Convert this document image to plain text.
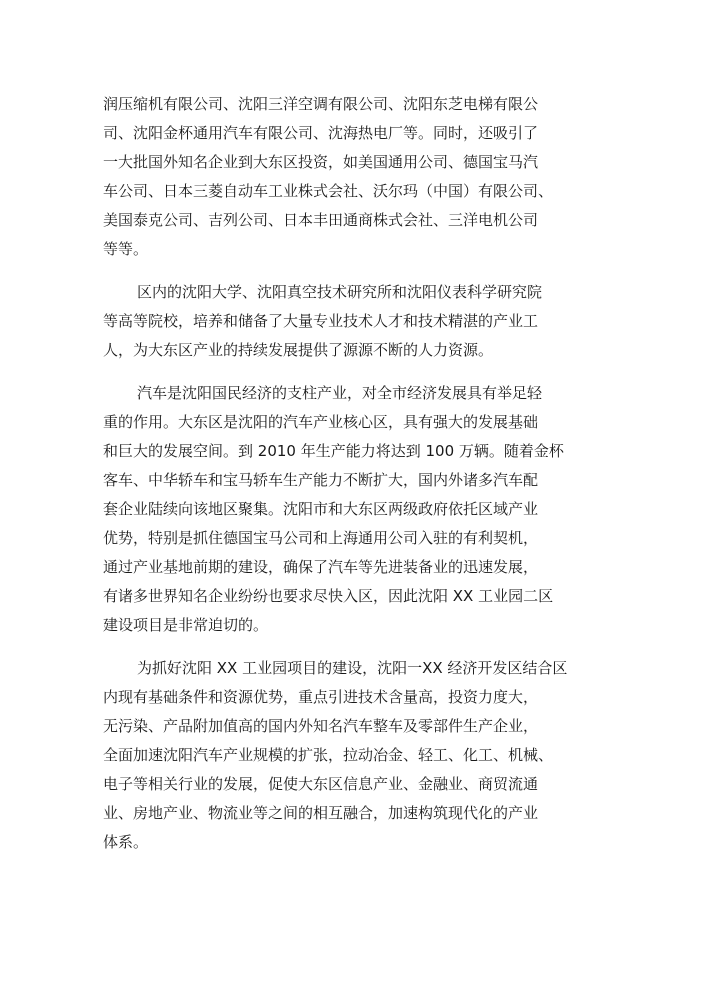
润压缩机有限公司、沈阳三洋空调有限公司、沈阳东芝电梯有限公
司、沈阳金杯通用汽车有限公司、沈海热电厂等。同时，还吸引了
一大批国外知名企业到大东区投资，如美国通用公司、德国宝马汽
车公司、日本三菱自动车工业株式会社、沃尔玛（中国）有限公司、
美国泰克公司、吉列公司、日本丰田通商株式会社、三洋电机公司
等等。
区内的沈阳大学、沈阳真空技术研究所和沈阳仪表科学研究院
等高等院校，培养和储备了大量专业技术人才和技术精湛的产业工
人，为大东区产业的持续发展提供了源源不断的人力资源。
汽车是沈阳国民经济的支柱产业，对全市经济发展具有举足轻
重的作用。大东区是沈阳的汽车产业核心区，具有强大的发展基础
和巨大的发展空间。到 2010 年生产能力将达到 100 万辆。随着金杯
客车、中华轿车和宝马轿车生产能力不断扩大，国内外诸多汽车配
套企业陆续向该地区聚集。沈阳市和大东区两级政府依托区域产业
优势，特别是抓住德国宝马公司和上海通用公司入驻的有利契机，
通过产业基地前期的建设，确保了汽车等先进装备业的迅速发展，
有诸多世界知名企业纷纷也要求尽快入区，因此沈阳 XX 工业园二区
建设项目是非常迫切的。
为抓好沈阳 XX 工业园项目的建设，沈阳一XX 经济开发区结合区
内现有基础条件和资源优势，重点引进技术含量高，投资力度大，
无污染、产品附加值高的国内外知名汽车整车及零部件生产企业，
全面加速沈阳汽车产业规模的扩张，拉动冶金、轻工、化工、机械、
电子等相关行业的发展，促使大东区信息产业、金融业、商贸流通
业、房地产业、物流业等之间的相互融合，加速构筑现代化的产业
体系。
